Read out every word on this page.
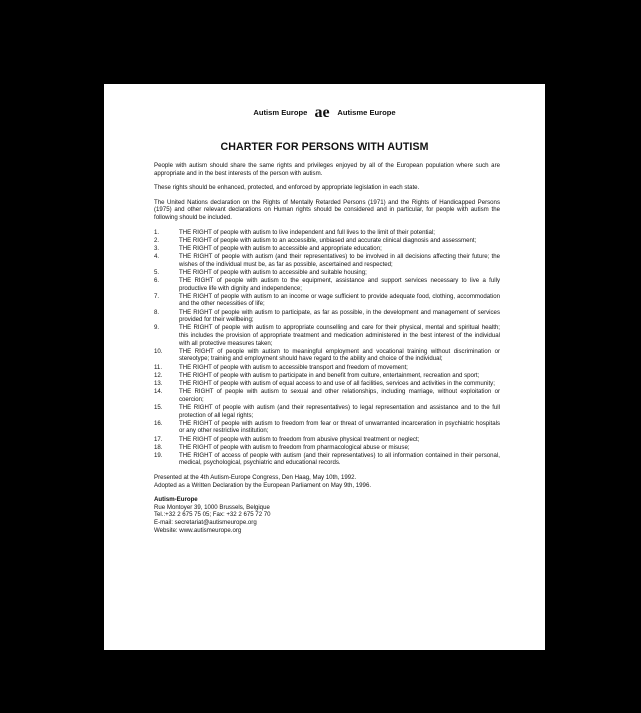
Autism Europe ae Autisme Europe
CHARTER FOR PERSONS WITH AUTISM

People with autism should share the same rights and privileges enjoyed by all of the European population where such are appropriate and in the best interests of the person with autism.

These rights should be enhanced, protected, and enforced by appropriate legislation in each state.

The United Nations declaration on the Rights of Mentally Retarded Persons (1971) and the Rights of Handicapped Persons (1975) and other relevant declarations on Human rights should be considered and in particular, for people with autism the following should be included.

1.	THE RIGHT of people with autism to live independent and full lives to the limit of their potential;
2.	THE RIGHT of people with autism to an accessible, unbiased and accurate clinical diagnosis and assessment;
3.	THE RIGHT of people with autism to accessible and appropriate education;
4.	THE RIGHT of people with autism (and their representatives) to be involved in all decisions affecting their future; the wishes of the individual must be, as far as possible, ascertained and respected;
5.	THE RIGHT of people with autism to accessible and suitable housing;
6.	THE RIGHT of people with autism to the equipment, assistance and support services necessary to live a fully productive life with dignity and independence;
7.	THE RIGHT of people with autism to an income or wage sufficient to provide adequate food, clothing, accommodation and the other necessities of life;
8.	THE RIGHT of people with autism to participate, as far as possible, in the development and management of services provided for their wellbeing;
9.	THE RIGHT of people with autism to appropriate counselling and care for their physical, mental and spiritual health; this includes the provision of appropriate treatment and medication administered in the best interest of the individual with all protective measures taken;
10.	THE RIGHT of people with autism to meaningful employment and vocational training without discrimination or stereotype; training and employment should have regard to the ability and choice of the individual;
11.	THE RIGHT of people with autism to accessible transport and freedom of movement;
12.	THE RIGHT of people with autism to participate in and benefit from culture, entertainment, recreation and sport;
13.	THE RIGHT of people with autism of equal access to and use of all facilities, services and activities in the community;
14.	THE RIGHT of people with autism to sexual and other relationships, including marriage, without exploitation or coercion;
15.	THE RIGHT of people with autism (and their representatives) to legal representation and assistance and to the full protection of all legal rights;
16.	THE RIGHT of people with autism to freedom from fear or threat of unwarranted incarceration in psychiatric hospitals or any other restrictive institution;
17.	THE RIGHT of people with autism to freedom from abusive physical treatment or neglect;
18.	THE RIGHT of people with autism to freedom from pharmacological abuse or misuse;
19.	THE RIGHT of access of people with autism (and their representatives) to all information contained in their personal, medical, psychological, psychiatric and educational records.
Presented at the 4th Autism-Europe Congress, Den Haag, May 10th, 1992.
Adopted as a Written Declaration by the European Parliament on May 9th, 1996.
Autism-Europe
Rue Montoyer 39, 1000 Brussels, Belgique
Tel.:+32 2 675 75 05; Fax: +32 2 675 72 70
E-mail: secretariat@autismeurope.org
Website: www.autismeurope.org
